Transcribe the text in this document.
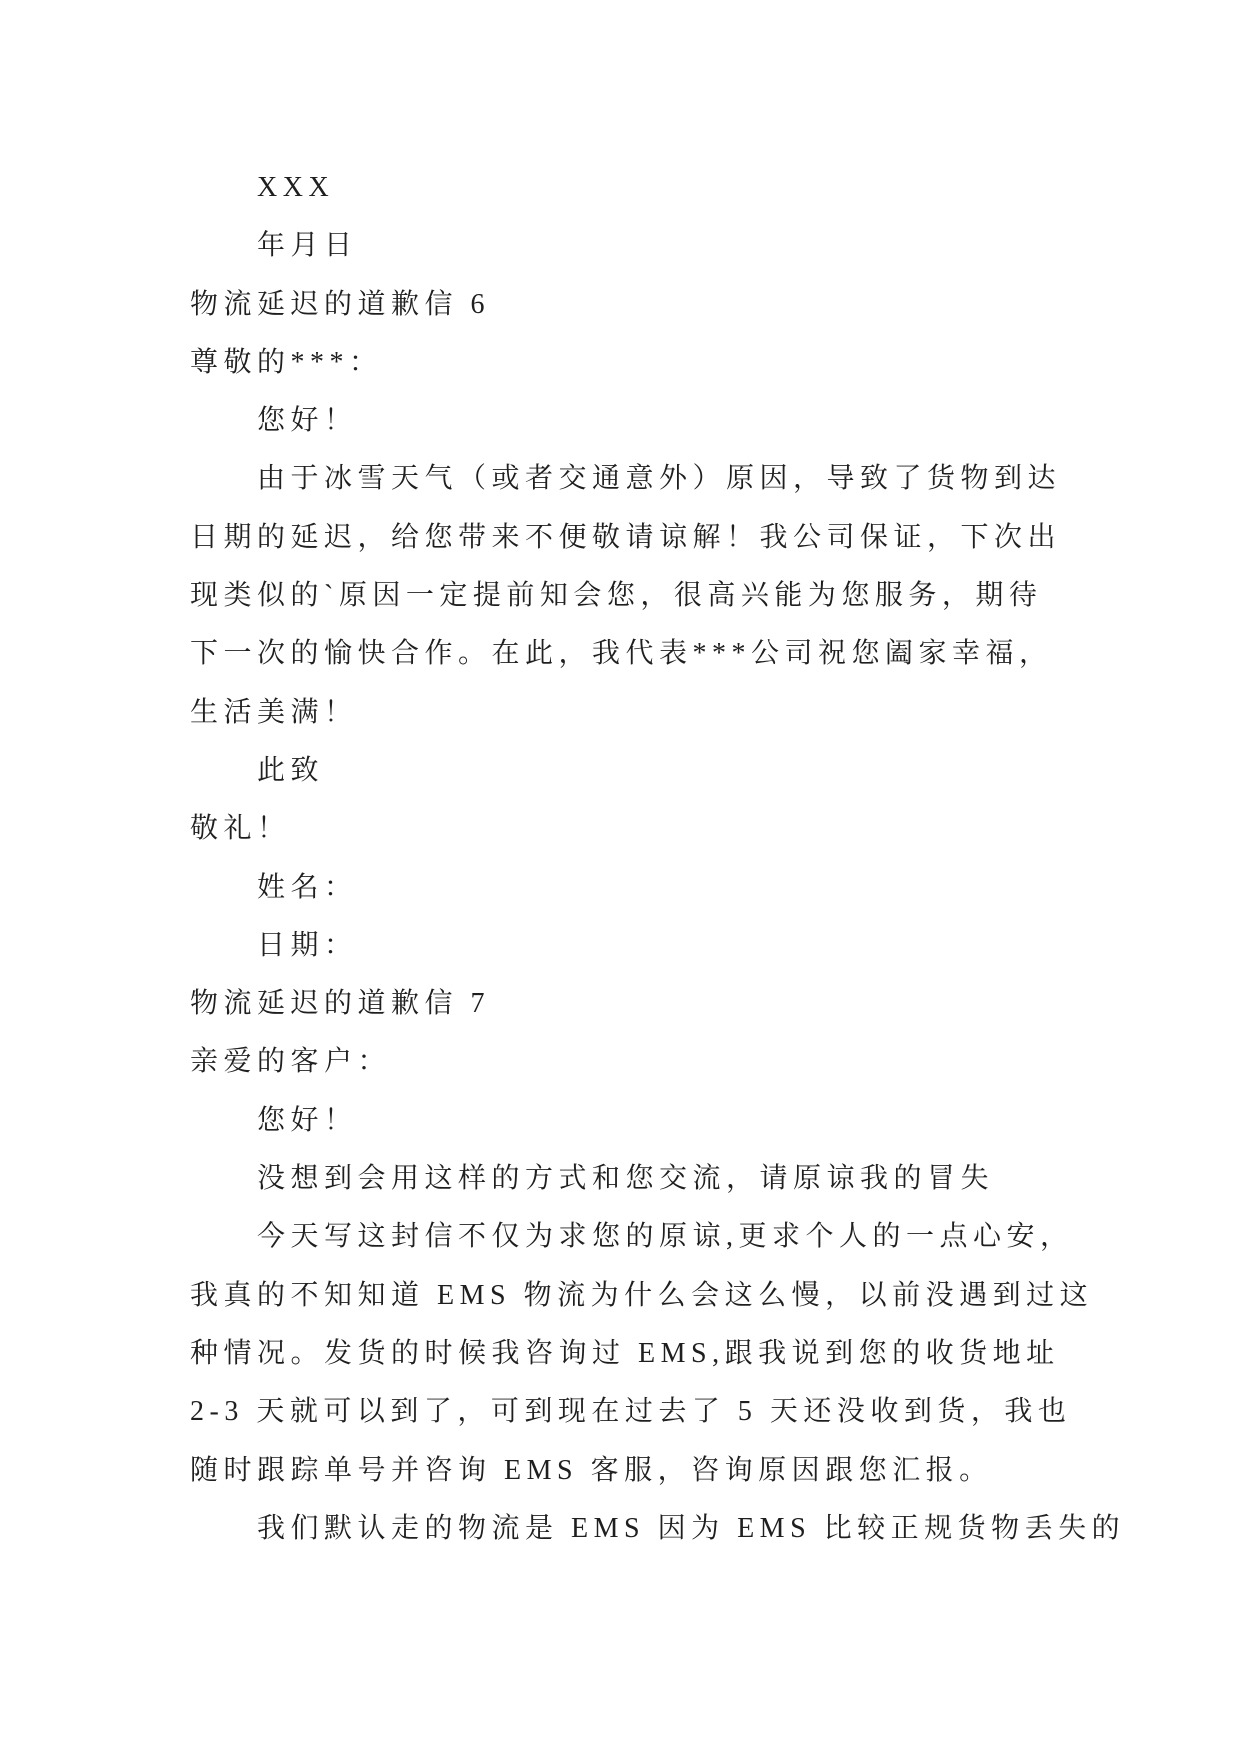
XXX
年月日
物流延迟的道歉信 6
尊敬的***：
您好！
由于冰雪天气（或者交通意外）原因，导致了货物到达
日期的延迟，给您带来不便敬请谅解！我公司保证，下次出
现类似的`原因一定提前知会您，很高兴能为您服务，期待
下一次的愉快合作。在此，我代表***公司祝您阖家幸福，
生活美满！
此致
敬礼！
姓名：
日期：
物流延迟的道歉信 7
亲爱的客户：
您好！
没想到会用这样的方式和您交流，请原谅我的冒失
今天写这封信不仅为求您的原谅,更求个人的一点心安，
我真的不知知道 EMS 物流为什么会这么慢，以前没遇到过这
种情况。发货的时候我咨询过 EMS,跟我说到您的收货地址
2-3 天就可以到了，可到现在过去了 5 天还没收到货，我也
随时跟踪单号并咨询 EMS 客服，咨询原因跟您汇报。
我们默认走的物流是 EMS 因为 EMS 比较正规货物丢失的
